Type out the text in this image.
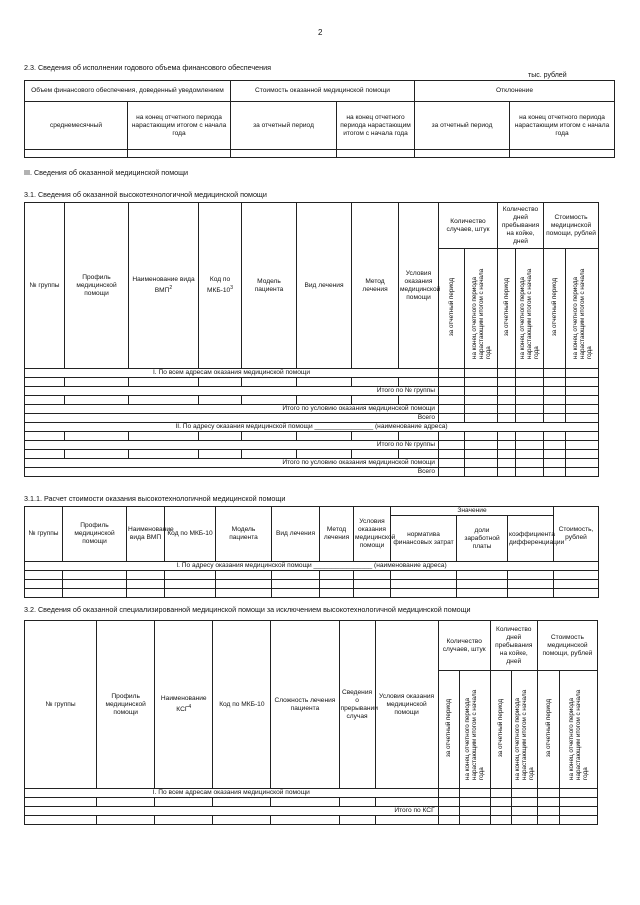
2
2.3. Сведения об исполнении годового объема финансового обеспечения
тыс. рублей
Объем финансового обеспечения, доведенный уведомлением		Стоимость оказанной медицинской помощи		Отклонение	
среднемесячный	на конец отчетного периода нарастающим итогом с начала года	за отчетный период	на конец отчетного периода нарастающим итогом с начала года	за отчетный период	на конец отчетного периода нарастающим итогом с начала года

III. Сведения об оказанной медицинской помощи
3.1. Сведения об оказанной высокотехнологичной медицинской помощи
№ группы	Профиль медицинской помощи	Наименование вида ВМП$^2$	Код по МКБ-$10^3$	Модель пациента	Вид лечения	Метод лечения	Условия оказания медицинской помощи	Количество случаев, штук		Количество дней пребывания на койке, дней		Стоимость медицинской помощи, рублей	
								за отчетный период	на конец отчетного периода нарастающим итогом с начала года	за отчетный период	на конец отчетного периода нарастающим итогом с начала года	за отчетный период	на конец отчетного периода нарастающим итогом с начала года
I. По всем адресам оказания медицинской помощи													

Итого по № группы													

Итого по условию оказания медицинской помощи													
Всего													
II. По адресу оказания медицинской помощи ________________ (наименование адреса)													

Итого по № группы													

Итого по условию оказания медицинской помощи													
Всего													
3.1.1. Расчет стоимости оказания высокотехнологичной медицинской помощи
№ группы	Профиль медицинской помощи	Наименование вида ВМП	Код по МКБ-10	Модель пациента	Вид лечения	Метод лечения	Условия оказания медицинской помощи	Значение			Стоимость, рублей
								норматива финансовых затрат	доли заработной платы	коэффициента дифференциации	
I. По адресу оказания медицинской помощи ________________ (наименование адреса)											

3.2. Сведения об оказанной специализированной медицинской помощи за исключением высокотехнологичной медицинской помощи
№ группы	Профиль медицинской помощи	Наименование КСГ$^4$	Код по МКБ-10	Сложность лечения пациента	Сведения о прерывании случая	Условия оказания медицинской помощи	Количество случаев, штук		Количество дней пребывания на койке, дней		Стоимость медицинской помощи, рублей	
							за отчетный период	на конец отчетного периода нарастающим итогом с начала года	за отчетный период	на конец отчетного периода нарастающим итогом с начала года	за отчетный период	на конец отчетного периода нарастающим итогом с начала года
I. По всем адресам оказания медицинской помощи												

Итого по КСГ												
